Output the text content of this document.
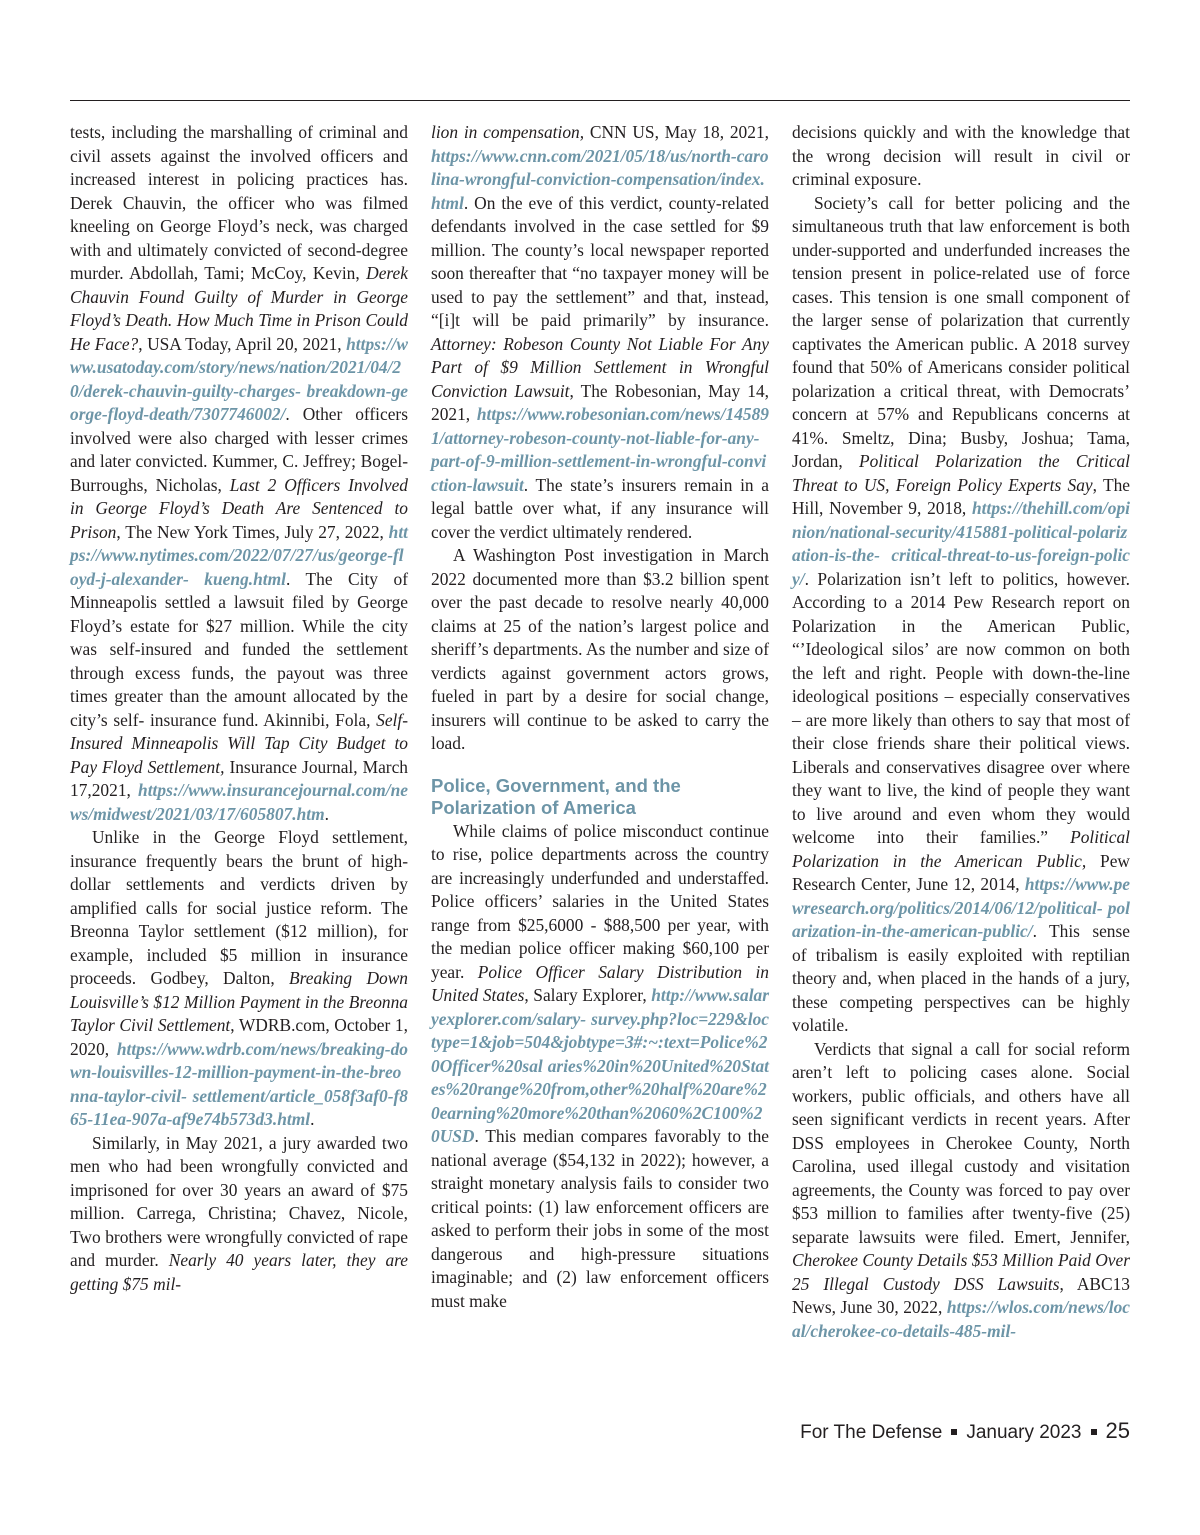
tests, including the marshalling of criminal and civil assets against the involved officers and increased interest in policing practices has. Derek Chauvin, the officer who was filmed kneeling on George Floyd’s neck, was charged with and ultimately convicted of second-degree murder. Abdollah, Tami; McCoy, Kevin, Derek Chauvin Found Guilty of Murder in George Floyd’s Death. How Much Time in Prison Could He Face?, USA Today, April 20, 2021, https://www.usatoday.com/story/news/nation/2021/04/20/derek-chauvin-guilty-charges- breakdown-george-floyd-death/7307746002/. Other officers involved were also charged with lesser crimes and later convicted. Kummer, C. Jeffrey; Bogel-Burroughs, Nicholas, Last 2 Officers Involved in George Floyd’s Death Are Sentenced to Prison, The New York Times, July 27, 2022, https://www.nytimes.com/2022/07/27/us/george-floyd-j-alexander- kueng.html. The City of Minneapolis settled a lawsuit filed by George Floyd’s estate for $27 million. While the city was self-insured and funded the settlement through excess funds, the payout was three times greater than the amount allocated by the city’s self- insurance fund. Akinnibi, Fola, Self-Insured Minneapolis Will Tap City Budget to Pay Floyd Settlement, Insurance Journal, March 17,2021, https://www.insurancejournal.com/news/midwest/2021/03/17/605807.htm.

Unlike in the George Floyd settlement, insurance frequently bears the brunt of high-dollar settlements and verdicts driven by amplified calls for social justice reform. The Breonna Taylor settlement ($12 million), for example, included $5 million in insurance proceeds. Godbey, Dalton, Breaking Down Louisville’s $12 Million Payment in the Breonna Taylor Civil Settlement, WDRB.com, October 1, 2020, https://www.wdrb.com/news/breaking-down-louisvilles-12-million-payment-in-the-breonna-taylor-civil- settlement/article_058f3af0-f865-11ea-907a-af9e74b573d3.html.

Similarly, in May 2021, a jury awarded two men who had been wrongfully convicted and imprisoned for over 30 years an award of $75 million. Carrega, Christina; Chavez, Nicole, Two brothers were wrongfully convicted of rape and murder. Nearly 40 years later, they are getting $75 mil-

lion in compensation, CNN US, May 18, 2021, https://www.cnn.com/2021/05/18/us/north-carolina-wrongful-conviction-compensation/index.html. On the eve of this verdict, county-related defendants involved in the case settled for $9 million. The county’s local newspaper reported soon thereafter that “no taxpayer money will be used to pay the settlement” and that, instead, “[i]t will be paid primarily” by insurance. Attorney: Robeson County Not Liable For Any Part of $9 Million Settlement in Wrongful Conviction Lawsuit, The Robesonian, May 14, 2021, https://www.robesonian.com/news/145891/attorney-robeson-county-not-liable-for-any- part-of-9-million-settlement-in-wrongful-conviction-lawsuit. The state’s insurers remain in a legal battle over what, if any insurance will cover the verdict ultimately rendered.

A Washington Post investigation in March 2022 documented more than $3.2 billion spent over the past decade to resolve nearly 40,000 claims at 25 of the nation’s largest police and sheriff’s departments. As the number and size of verdicts against government actors grows, fueled in part by a desire for social change, insurers will continue to be asked to carry the load.

Police, Government, and the Polarization of America

While claims of police misconduct continue to rise, police departments across the country are increasingly underfunded and understaffed. Police officers’ salaries in the United States range from $25,6000 - $88,500 per year, with the median police officer making $60,100 per year. Police Officer Salary Distribution in United States, Salary Explorer, http://www.salaryexplorer.com/salary- survey.php?loc=229&loctype=1&job=504&jobtype=3#:~:text=Police%20Officer%20sal aries%20in%20United%20States%20range%20from,other%20half%20are%20earning%20more%20than%2060%2C100%20USD. This median compares favorably to the national average ($54,132 in 2022); however, a straight monetary analysis fails to consider two critical points: (1) law enforcement officers are asked to perform their jobs in some of the most dangerous and high-pressure situations imaginable; and (2) law enforcement officers must make

decisions quickly and with the knowledge that the wrong decision will result in civil or criminal exposure.

Society’s call for better policing and the simultaneous truth that law enforcement is both under-supported and underfunded increases the tension present in police-related use of force cases. This tension is one small component of the larger sense of polarization that currently captivates the American public. A 2018 survey found that 50% of Americans consider political polarization a critical threat, with Democrats’ concern at 57% and Republicans concerns at 41%. Smeltz, Dina; Busby, Joshua; Tama, Jordan, Political Polarization the Critical Threat to US, Foreign Policy Experts Say, The Hill, November 9, 2018, https://thehill.com/opinion/national-security/415881-political-polarization-is-the- critical-threat-to-us-foreign-policy/. Polarization isn’t left to politics, however. According to a 2014 Pew Research report on Polarization in the American Public, “’Ideological silos’ are now common on both the left and right. People with down-the-line ideological positions – especially conservatives – are more likely than others to say that most of their close friends share their political views. Liberals and conservatives disagree over where they want to live, the kind of people they want to live around and even whom they would welcome into their families.” Political Polarization in the American Public, Pew Research Center, June 12, 2014, https://www.pewresearch.org/politics/2014/06/12/political- polarization-in-the-american-public/. This sense of tribalism is easily exploited with reptilian theory and, when placed in the hands of a jury, these competing perspectives can be highly volatile.

Verdicts that signal a call for social reform aren’t left to policing cases alone. Social workers, public officials, and others have all seen significant verdicts in recent years. After DSS employees in Cherokee County, North Carolina, used illegal custody and visitation agreements, the County was forced to pay over $53 million to families after twenty-five (25) separate lawsuits were filed. Emert, Jennifer, Cherokee County Details $53 Million Paid Over 25 Illegal Custody DSS Lawsuits, ABC13 News, June 30, 2022, https://wlos.com/news/local/cherokee-co-details-485-mil-

For The Defense January 2023 25
